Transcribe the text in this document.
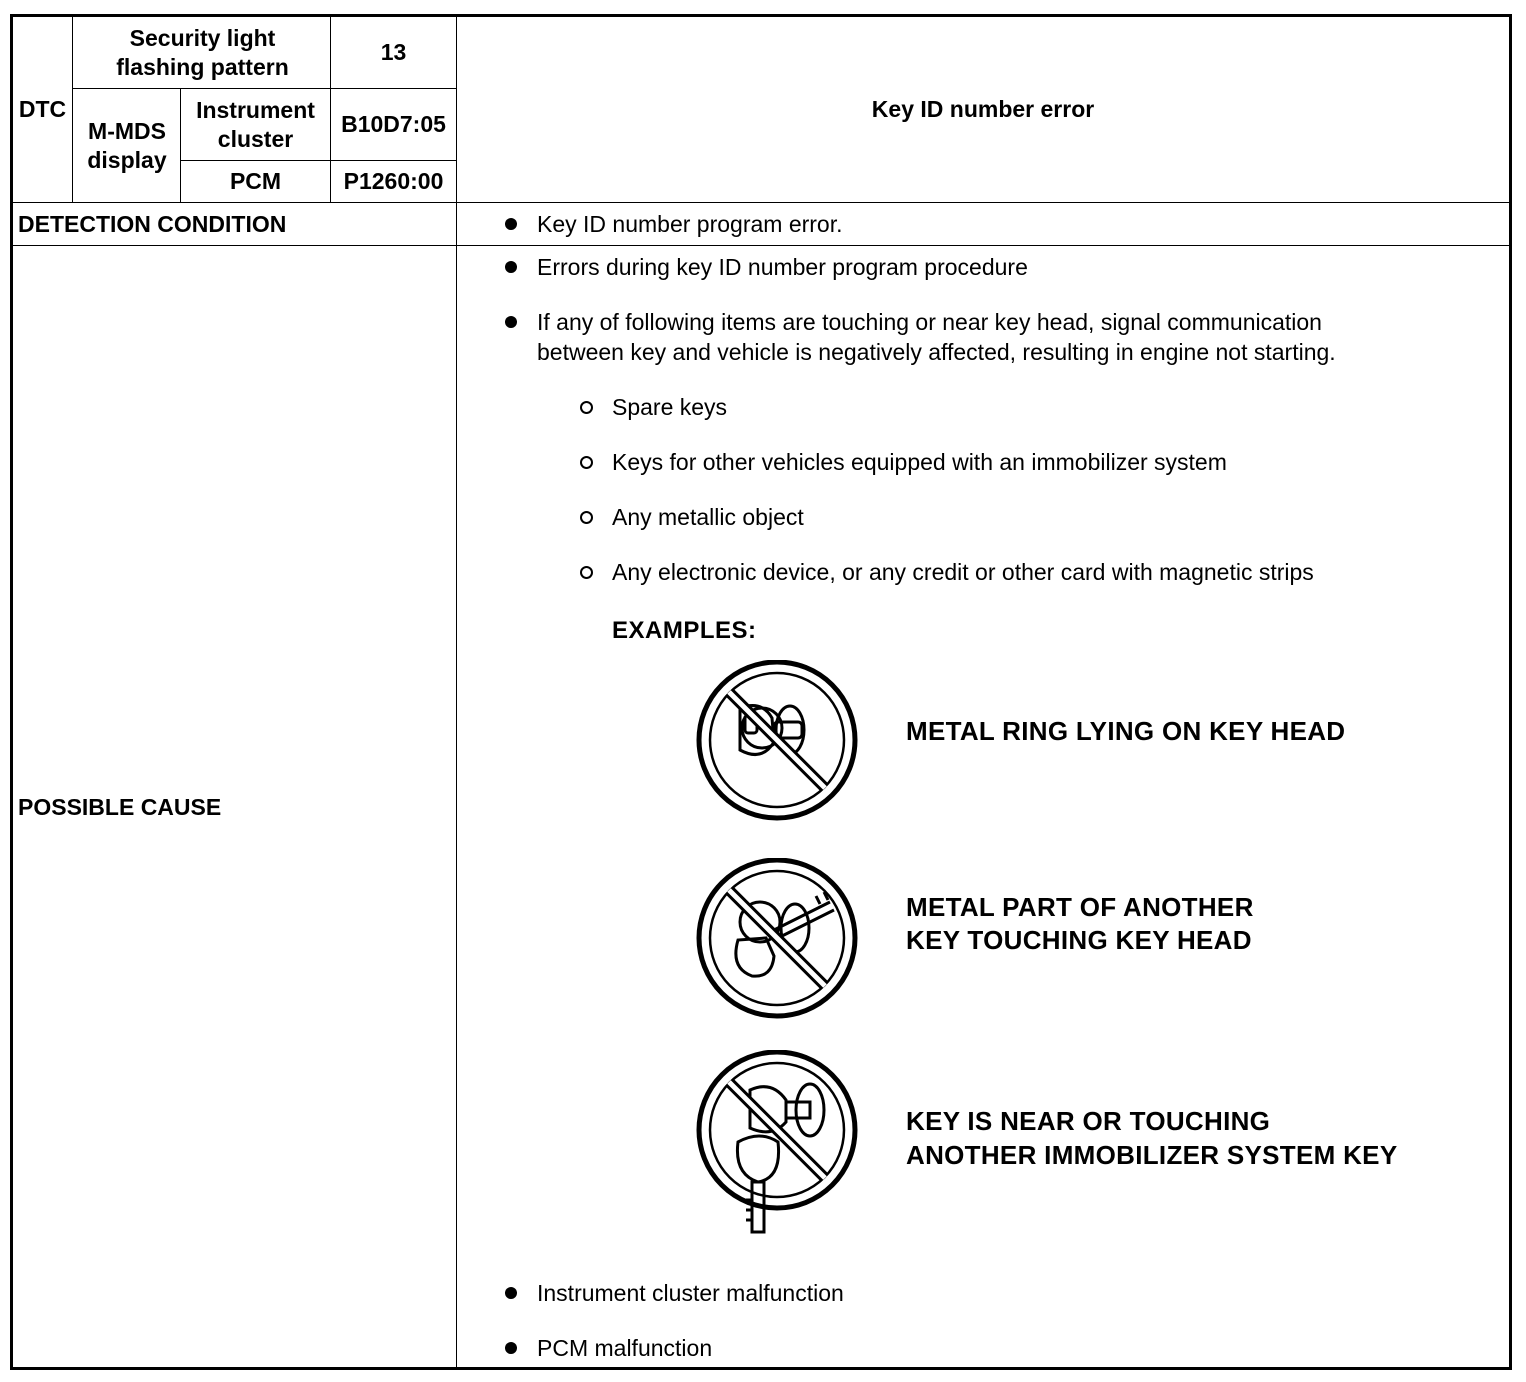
DTC
Security light flashing pattern
13
M-MDS display
Instrument cluster
B10D7:05
PCM	P1260:00
Key ID number error
DETECTION CONDITION	Key ID number program error.
POSSIBLE CAUSE
Errors during key ID number program procedure
If any of following items are touching or near key head, signal communication
between key and vehicle is negatively affected, resulting in engine not starting.
Spare keys
Keys for other vehicles equipped with an immobilizer system
Any metallic object
Any electronic device, or any credit or other card with magnetic strips
EXAMPLES:
METAL RING LYING ON KEY HEAD
METAL PART OF ANOTHER
KEY TOUCHING KEY HEAD
KEY IS NEAR OR TOUCHING
ANOTHER IMMOBILIZER SYSTEM KEY
Instrument cluster malfunction
PCM malfunction
